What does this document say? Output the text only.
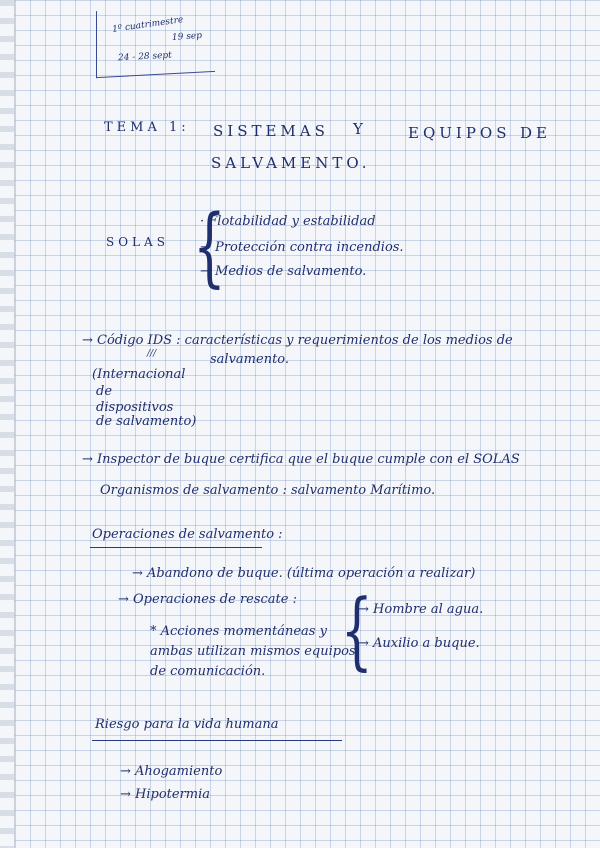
1º cuatrimestre
19 sep
24 - 28 sept
TEMA 1: SISTEMAS Y	EQUIPOS DE
SALVAMENTO.
SOLAS {
· Flotabilidad y estabilidad
→ Protección contra incendios.
→ Medios de salvamento.
→ Código IDS : características y requerimientos de los medios de
salvamento.
///
(Internacional
de
dispositivos
de salvamento)
→ Inspector de buque certifica que el buque cumple con el SOLAS
Organismos de salvamento : salvamento Marítimo.
Operaciones de salvamento :
→ Abandono de buque. (última operación a realizar)
→ Operaciones de rescate :
* Acciones momentáneas y
ambas utilizan mismos equipos
de comunicación. {
→ Hombre al agua.
→ Auxilio a buque.
Riesgo para la vida humana
→ Ahogamiento
→ Hipotermia
